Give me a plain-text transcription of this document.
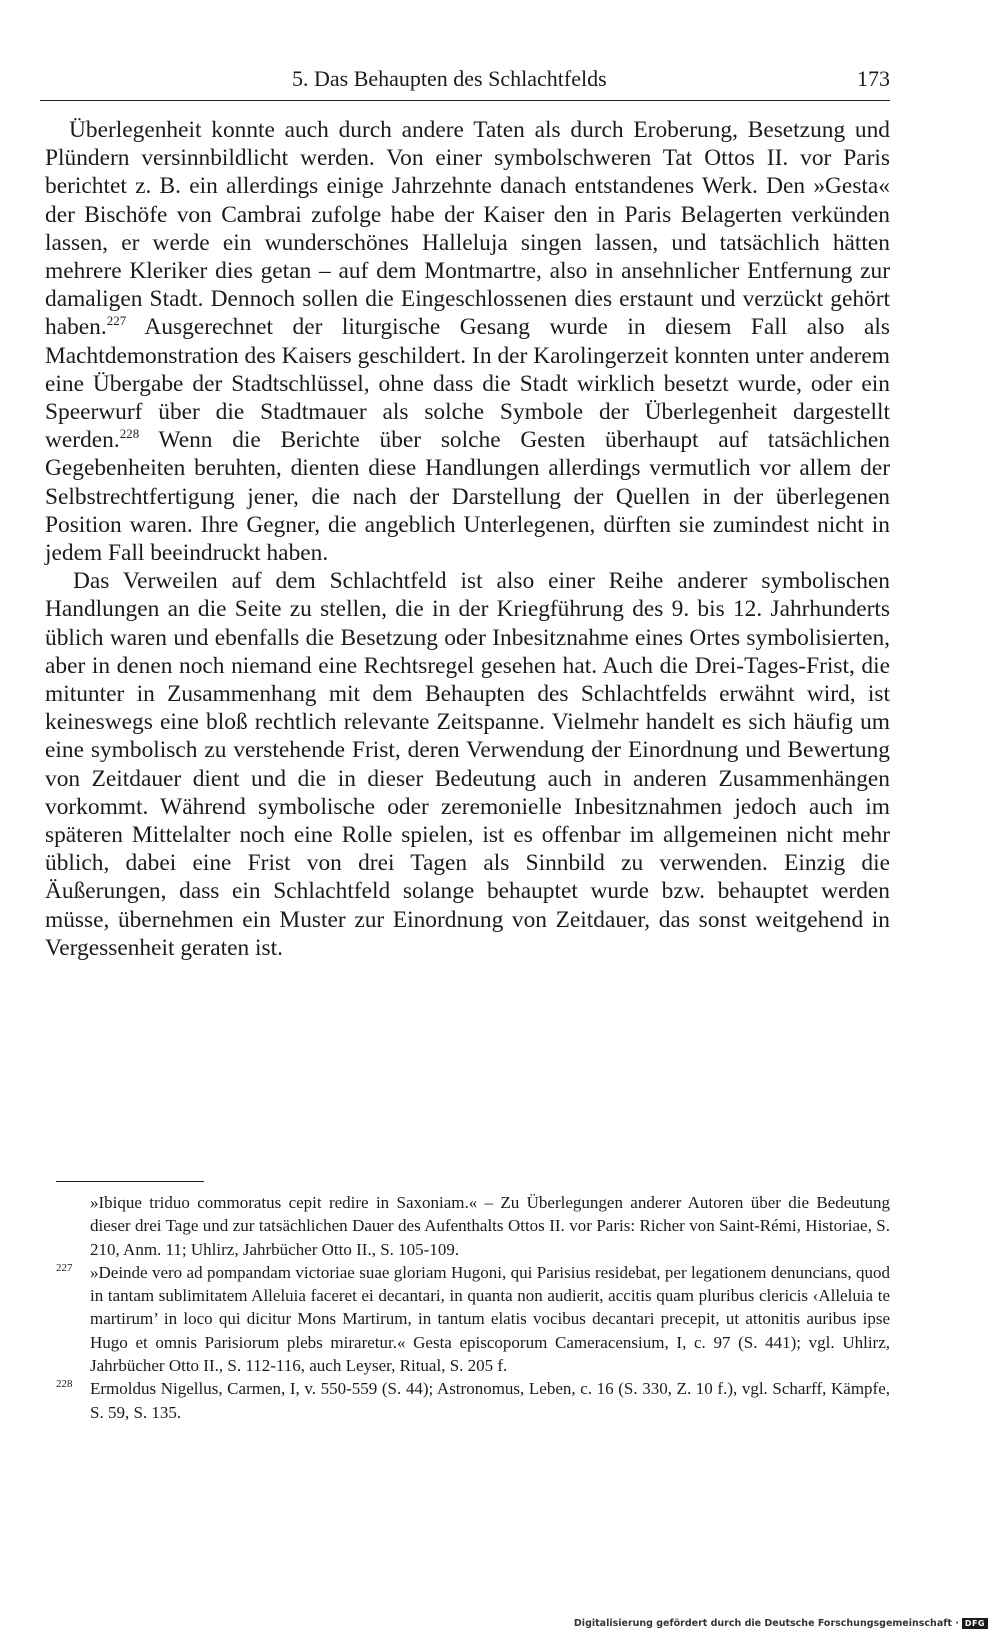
5. Das Behaupten des Schlachtfelds	173

Überlegenheit konnte auch durch andere Taten als durch Eroberung, Besetzung und Plündern versinnbildlicht werden. Von einer symbolschweren Tat Ottos II. vor Paris berichtet z. B. ein allerdings einige Jahrzehnte danach entstandenes Werk. Den »Gesta« der Bischöfe von Cambrai zufolge habe der Kaiser den in Paris Belagerten verkünden lassen, er werde ein wunderschönes Halleluja singen lassen, und tatsächlich hätten mehrere Kleriker dies getan – auf dem Montmartre, also in ansehnlicher Entfernung zur damaligen Stadt. Dennoch sollen die Eingeschlossenen dies erstaunt und verzückt gehört haben.$^{227}$ Ausgerechnet der liturgische Gesang wurde in diesem Fall also als Machtdemonstration des Kaisers geschildert. In der Karolingerzeit konnten unter anderem eine Übergabe der Stadtschlüssel, ohne dass die Stadt wirklich besetzt wurde, oder ein Speerwurf über die Stadtmauer als solche Symbole der Überlegenheit dargestellt werden.$^{228}$ Wenn die Berichte über solche Gesten überhaupt auf tatsächlichen Gegebenheiten beruhten, dienten diese Handlungen allerdings vermutlich vor allem der Selbstrechtfertigung jener, die nach der Darstellung der Quellen in der überlegenen Position waren. Ihre Gegner, die angeblich Unterlegenen, dürften sie zumindest nicht in jedem Fall beeindruckt haben.

Das Verweilen auf dem Schlachtfeld ist also einer Reihe anderer symbolischen Handlungen an die Seite zu stellen, die in der Kriegführung des 9. bis 12. Jahrhunderts üblich waren und ebenfalls die Besetzung oder Inbesitznahme eines Ortes symbolisierten, aber in denen noch niemand eine Rechtsregel gesehen hat. Auch die Drei-Tages-Frist, die mitunter in Zusammenhang mit dem Behaupten des Schlachtfelds erwähnt wird, ist keineswegs eine bloß rechtlich relevante Zeitspanne. Vielmehr handelt es sich häufig um eine symbolisch zu verstehende Frist, deren Verwendung der Einordnung und Bewertung von Zeitdauer dient und die in dieser Bedeutung auch in anderen Zusammenhängen vorkommt. Während symbolische oder zeremonielle Inbesitznahmen jedoch auch im späteren Mittelalter noch eine Rolle spielen, ist es offenbar im allgemeinen nicht mehr üblich, dabei eine Frist von drei Tagen als Sinnbild zu verwenden. Einzig die Äußerungen, dass ein Schlachtfeld solange behauptet wurde bzw. behauptet werden müsse, übernehmen ein Muster zur Einordnung von Zeitdauer, das sonst weitgehend in Vergessenheit geraten ist.

»Ibique triduo commoratus cepit redire in Saxoniam.« – Zu Überlegungen anderer Autoren über die Bedeutung dieser drei Tage und zur tatsächlichen Dauer des Aufenthalts Ottos II. vor Paris: Richer von Saint-Rémi, Historiae, S. 210, Anm. 11; Uhlirz, Jahrbücher Otto II., S. 105-109.
227 »Deinde vero ad pompandam victoriae suae gloriam Hugoni, qui Parisius residebat, per legationem denuncians, quod in tantam sublimitatem Alleluia faceret ei decantari, in quanta non audierit, accitis quam pluribus clericis ‹Alleluia te martirum’ in loco qui dicitur Mons Martirum, in tantum elatis vocibus decantari precepit, ut attonitis auribus ipse Hugo et omnis Parisiorum plebs miraretur.« Gesta episcoporum Cameracensium, I, c. 97 (S. 441); vgl. Uhlirz, Jahrbücher Otto II., S. 112-116, auch Leyser, Ritual, S. 205 f.
228 Ermoldus Nigellus, Carmen, I, v. 550-559 (S. 44); Astronomus, Leben, c. 16 (S. 330, Z. 10 f.), vgl. Scharff, Kämpfe, S. 59, S. 135.
Digitalisierung gefördert durch die Deutsche Forschungsgemeinschaft · DFG
